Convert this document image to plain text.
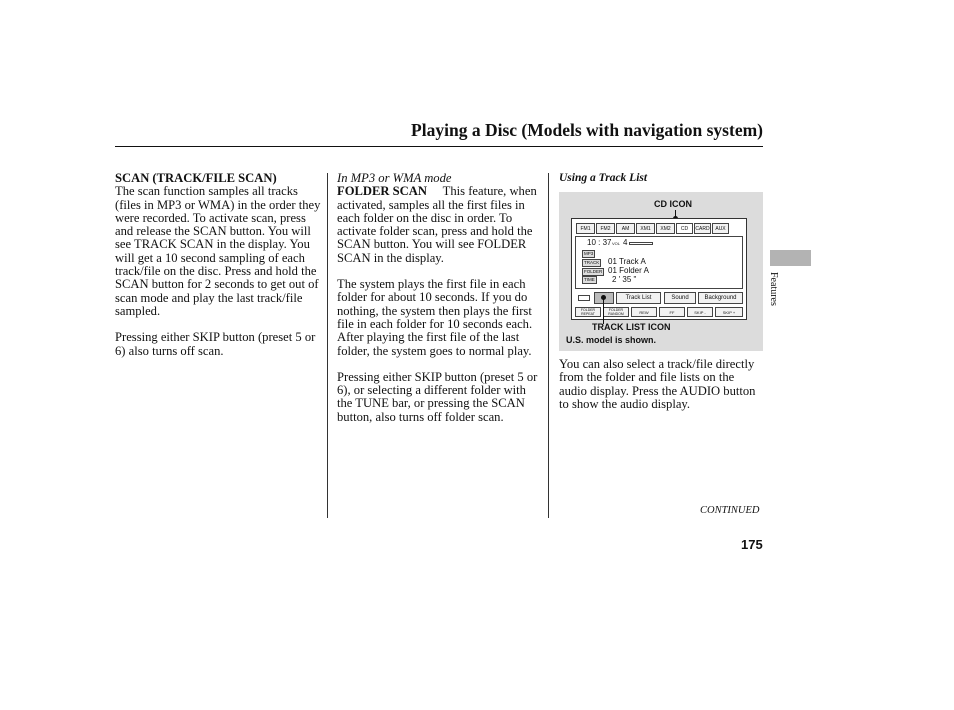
Playing a Disc (Models with navigation system)
SCAN (TRACK/FILE SCAN)

The scan function samples all tracks (files in MP3 or WMA) in the order they were recorded. To activate scan, press and release the SCAN button. You will see TRACK SCAN in the display. You will get a 10 second sampling of each track/file on the disc. Press and hold the SCAN button for 2 seconds to get out of scan mode and play the last track/file sampled.

Pressing either SKIP button (preset 5 or 6) also turns off scan.

In MP3 or WMA mode

FOLDER SCAN This feature, when activated, samples all the first files in each folder on the disc in order. To activate folder scan, press and hold the SCAN button. You will see FOLDER SCAN in the display.

The system plays the first file in each folder for about 10 seconds. If you do nothing, the system then plays the first file in each folder for 10 seconds each. After playing the first file of the last folder, the system goes to normal play.

Pressing either SKIP button (preset 5 or 6), or selecting a different folder with the TUNE bar, or pressing the SCAN button, also turns off folder scan.

Using a Track List
CD ICON
FM1	FM2	AM	XM1	XM2	CD	CARD	AUX
10 : 37 VOL 4
MP3
TRACK 01 Track A
FOLDER 01 Folder A
TIME 2 ' 35 "
Track List	Sound	Background
FOLDER REPEAT
FOLDER RANDOM	REW	FF	SKIP -	SKIP +
TRACK LIST ICON
U.S. model is shown.
You can also select a track/file directly from the folder and file lists on the audio display. Press the AUDIO button to show the audio display.
Features
CONTINUED
175
